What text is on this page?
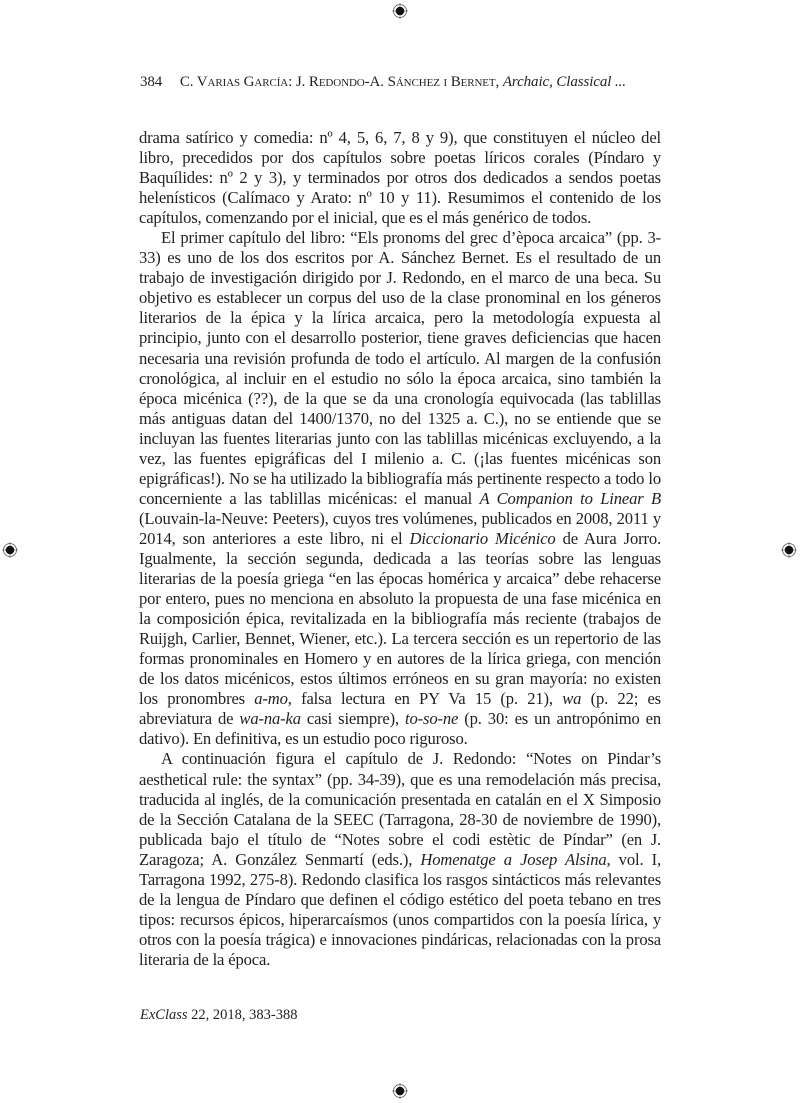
384 C. Varias García: J. Redondo-A. Sánchez i Bernet, Archaic, Classical ...

drama satírico y comedia: nº 4, 5, 6, 7, 8 y 9), que constituyen el núcleo del libro, precedidos por dos capítulos sobre poetas líricos corales (Píndaro y Baquílides: nº 2 y 3), y terminados por otros dos dedicados a sendos poetas helenísticos (Calímaco y Arato: nº 10 y 11). Resumimos el contenido de los capítulos, comenzando por el inicial, que es el más genérico de todos.

El primer capítulo del libro: “Els pronoms del grec d’època arcaica” (pp. 3-33) es uno de los dos escritos por A. Sánchez Bernet. Es el resultado de un trabajo de investigación dirigido por J. Redondo, en el marco de una beca. Su objetivo es establecer un corpus del uso de la clase pronominal en los géneros literarios de la épica y la lírica arcaica, pero la metodología expuesta al principio, junto con el desarrollo posterior, tiene graves deficiencias que hacen necesaria una revisión profunda de todo el artículo. Al margen de la confusión cronológica, al incluir en el estudio no sólo la época arcaica, sino también la época micénica (??), de la que se da una cronología equivocada (las tablillas más antiguas datan del 1400/1370, no del 1325 a. C.), no se entiende que se incluyan las fuentes literarias junto con las tablillas micénicas excluyendo, a la vez, las fuentes epigráficas del I milenio a. C. (¡las fuentes micénicas son epigráficas!). No se ha utilizado la bibliografía más pertinente respecto a todo lo concerniente a las tablillas micénicas: el manual A Companion to Linear B (Louvain-la-Neuve: Peeters), cuyos tres volúmenes, publicados en 2008, 2011 y 2014, son anteriores a este libro, ni el Diccionario Micénico de Aura Jorro. Igualmente, la sección segunda, dedicada a las teorías sobre las lenguas literarias de la poesía griega “en las épocas homérica y arcaica” debe rehacerse por entero, pues no menciona en absoluto la propuesta de una fase micénica en la composición épica, revitalizada en la bibliografía más reciente (trabajos de Ruijgh, Carlier, Bennet, Wiener, etc.). La tercera sección es un repertorio de las formas pronominales en Homero y en autores de la lírica griega, con mención de los datos micénicos, estos últimos erróneos en su gran mayoría: no existen los pronombres a-mo, falsa lectura en PY Va 15 (p. 21), wa (p. 22; es abreviatura de wa-na-ka casi siempre), to-so-ne (p. 30: es un antropónimo en dativo). En definitiva, es un estudio poco riguroso.

A continuación figura el capítulo de J. Redondo: “Notes on Pindar’s aesthetical rule: the syntax” (pp. 34-39), que es una remodelación más precisa, traducida al inglés, de la comunicación presentada en catalán en el X Simposio de la Sección Catalana de la SEEC (Tarragona, 28-30 de noviembre de 1990), publicada bajo el título de “Notes sobre el codi estètic de Píndar” (en J. Zaragoza; A. González Senmartí (eds.), Homenatge a Josep Alsina, vol. I, Tarragona 1992, 275-8). Redondo clasifica los rasgos sintácticos más relevantes de la lengua de Píndaro que definen el código estético del poeta tebano en tres tipos: recursos épicos, hiperarcaísmos (unos compartidos con la poesía lírica, y otros con la poesía trágica) e innovaciones pindáricas, relacionadas con la prosa literaria de la época.

ExClass 22, 2018, 383-388
